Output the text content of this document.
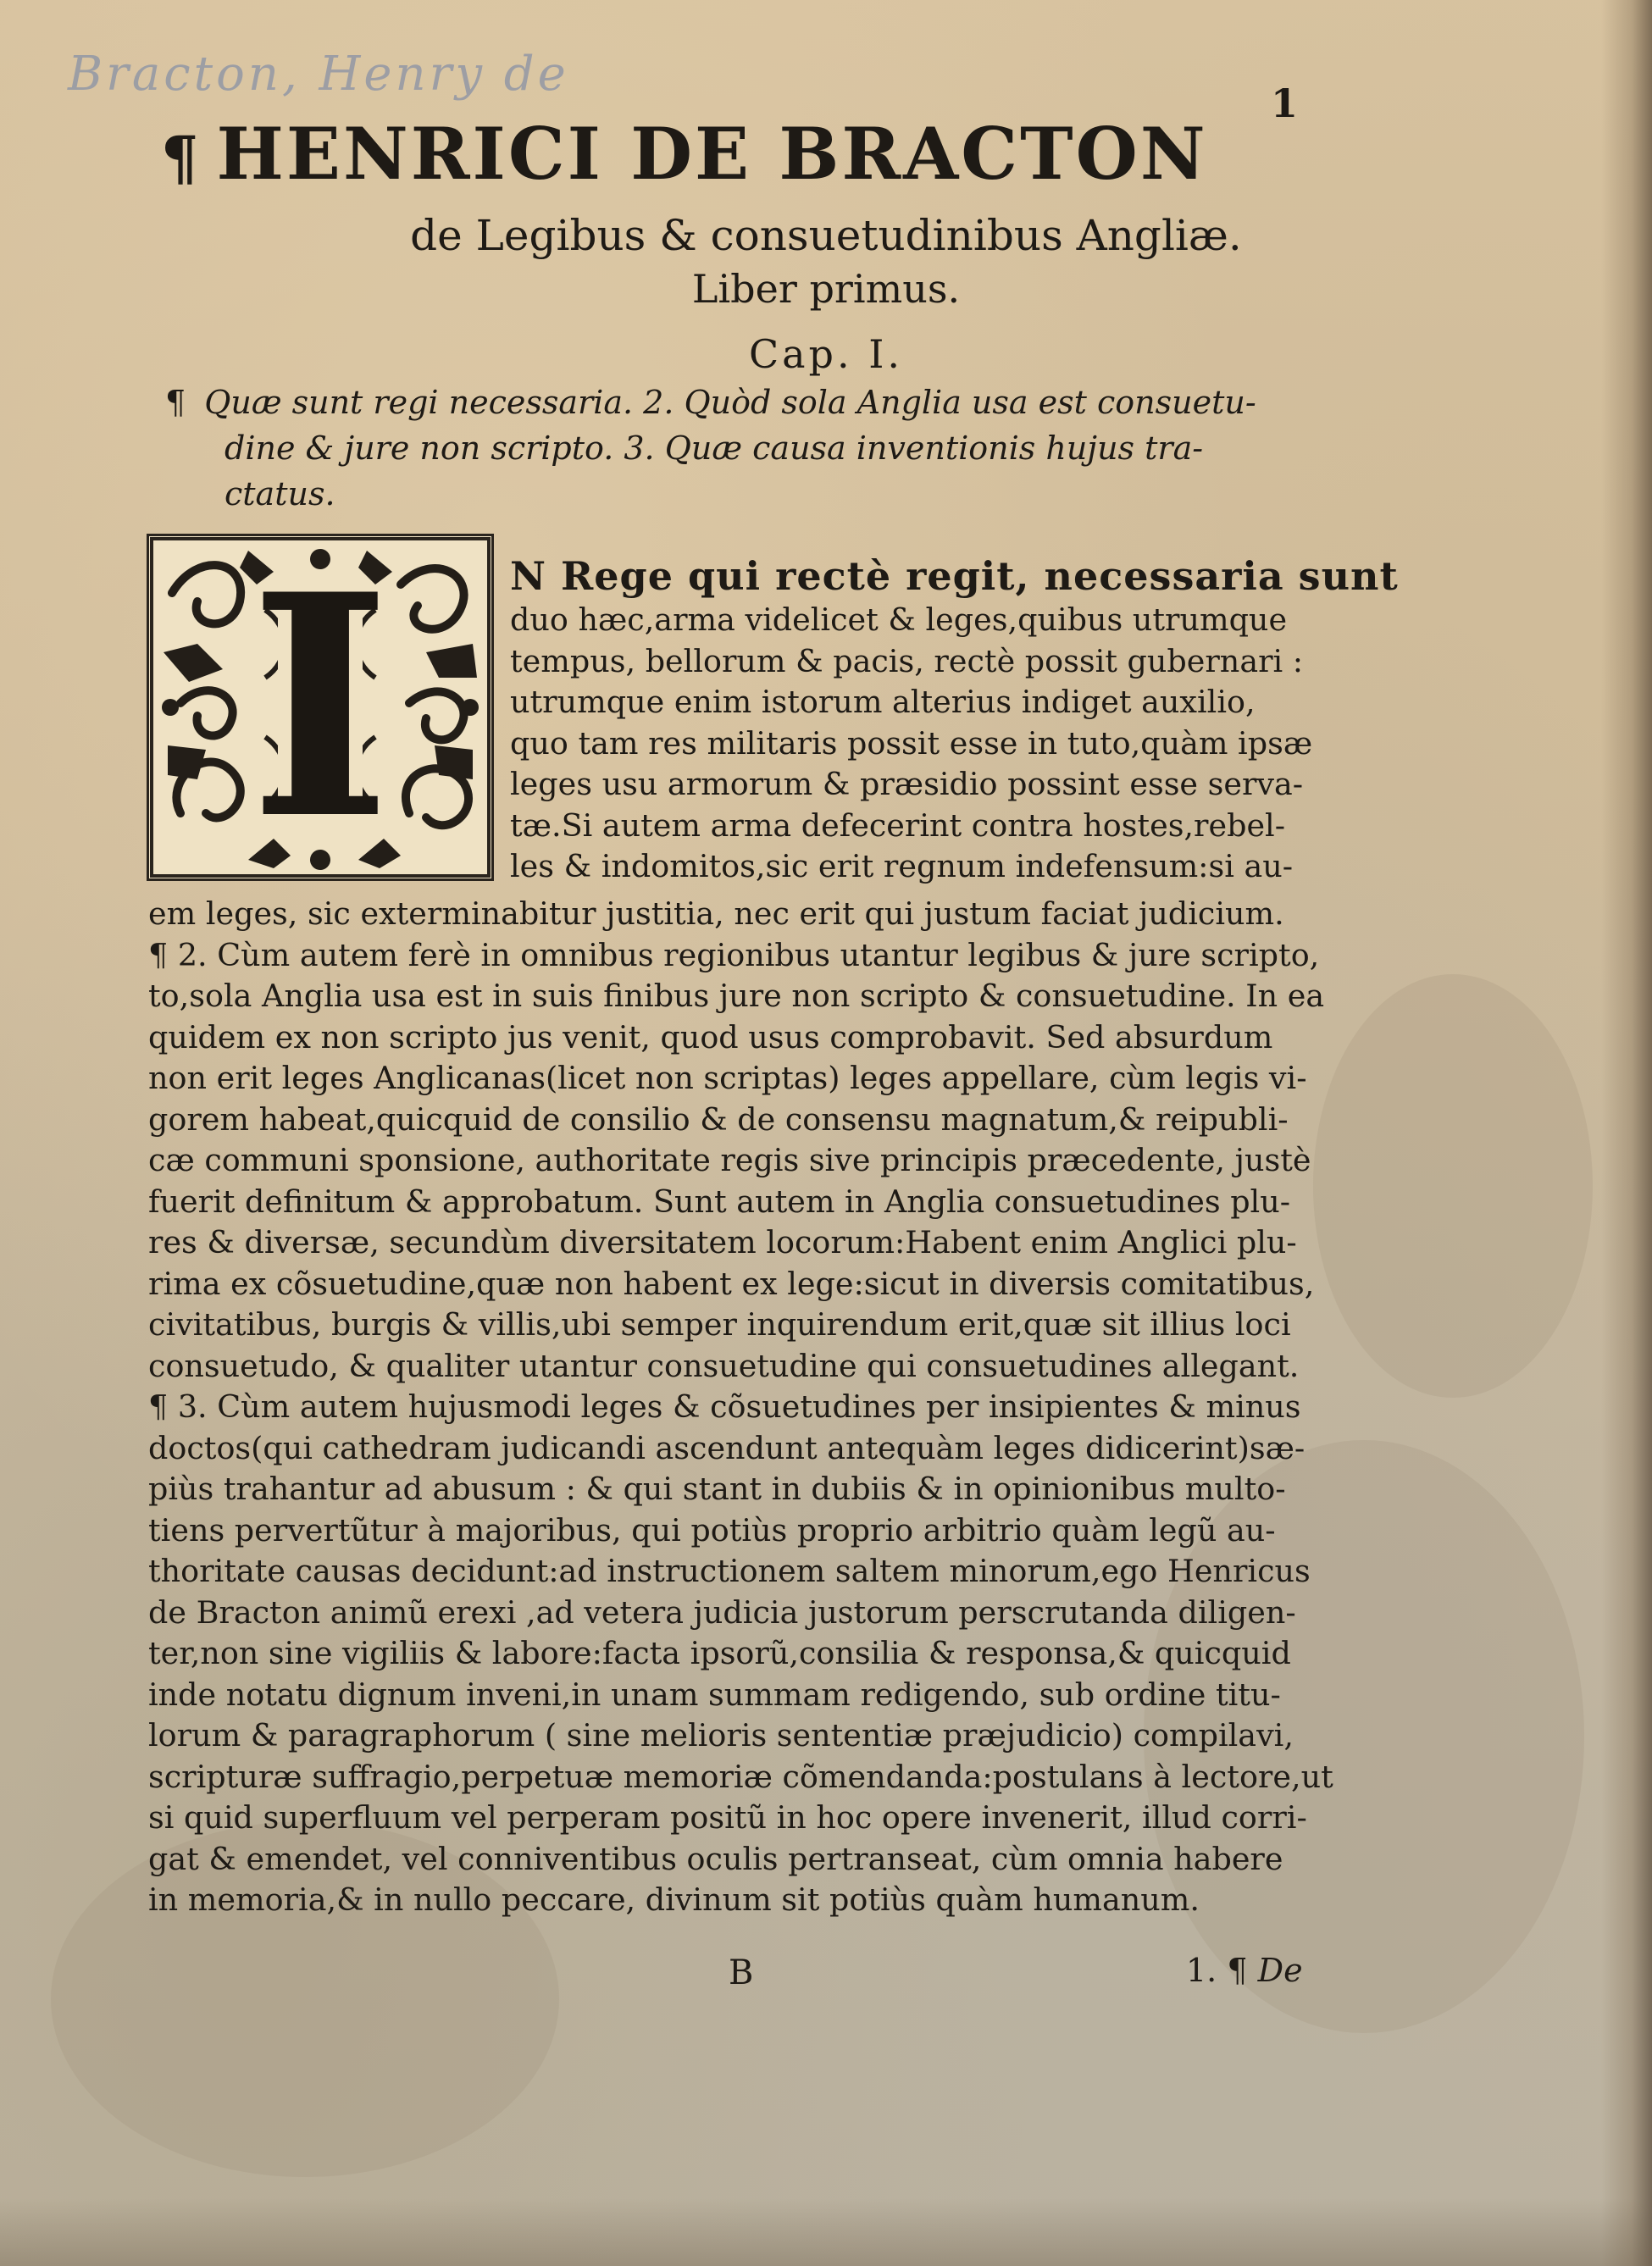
Bracton, Henry de
1
¶ HENRICI DE BRACTON
de Legibus & consuetudinibus Angliæ.
Liber primus.
Cap. I.
¶ Quæ sunt regi necessaria. 2. Quòd sola Anglia usa est consuetu-
dine & jure non scripto. 3. Quæ causa inventionis hujus tra-
ctatus.
I	N Rege qui rectè regit, necessaria sunt
duo hæc,arma videlicet & leges,quibus utrumque
tempus, bellorum & pacis, rectè possit gubernari :
utrumque enim istorum alterius indiget auxilio,
quo tam res militaris possit esse in tuto,quàm ipsæ
leges usu armorum & præsidio possint esse serva-
tæ.Si autem arma defecerint contra hostes,rebel-
les & indomitos,sic erit regnum indefensum:si au-
em leges, sic exterminabitur justitia, nec erit qui justum faciat judicium.
¶ 2. Cùm autem ferè in omnibus regionibus utantur legibus & jure scripto,
to,sola Anglia usa est in suis finibus jure non scripto & consuetudine. In ea
quidem ex non scripto jus venit, quod usus comprobavit. Sed absurdum
non erit leges Anglicanas(licet non scriptas) leges appellare, cùm legis vi-
gorem habeat,quicquid de consilio & de consensu magnatum,& reipubli-
cæ communi sponsione, authoritate regis sive principis præcedente, justè
fuerit definitum & approbatum. Sunt autem in Anglia consuetudines plu-
res & diversæ, secundùm diversitatem locorum:Habent enim Anglici plu-
rima ex cõsuetudine,quæ non habent ex lege:sicut in diversis comitatibus,
civitatibus, burgis & villis,ubi semper inquirendum erit,quæ sit illius loci
consuetudo, & qualiter utantur consuetudine qui consuetudines allegant.
¶ 3. Cùm autem hujusmodi leges & cõsuetudines per insipientes & minus
doctos(qui cathedram judicandi ascendunt antequàm leges didicerint)sæ-
piùs trahantur ad abusum : & qui stant in dubiis & in opinionibus multo-
tiens pervertũtur à majoribus, qui potiùs proprio arbitrio quàm legũ au-
thoritate causas decidunt:ad instructionem saltem minorum,ego Henricus
de Bracton animũ erexi ,ad vetera judicia justorum perscrutanda diligen-
ter,non sine vigiliis & labore:facta ipsorũ,consilia & responsa,& quicquid
inde notatu dignum inveni,in unam summam redigendo, sub ordine titu-
lorum & paragraphorum ( sine melioris sententiæ præjudicio) compilavi,
scripturæ suffragio,perpetuæ memoriæ cõmendanda:postulans à lectore,ut
si quid superfluum vel perperam positũ in hoc opere invenerit, illud corri-
gat & emendet, vel conniventibus oculis pertranseat, cùm omnia habere
in memoria,& in nullo peccare, divinum sit potiùs quàm humanum.
B	1. ¶ De
